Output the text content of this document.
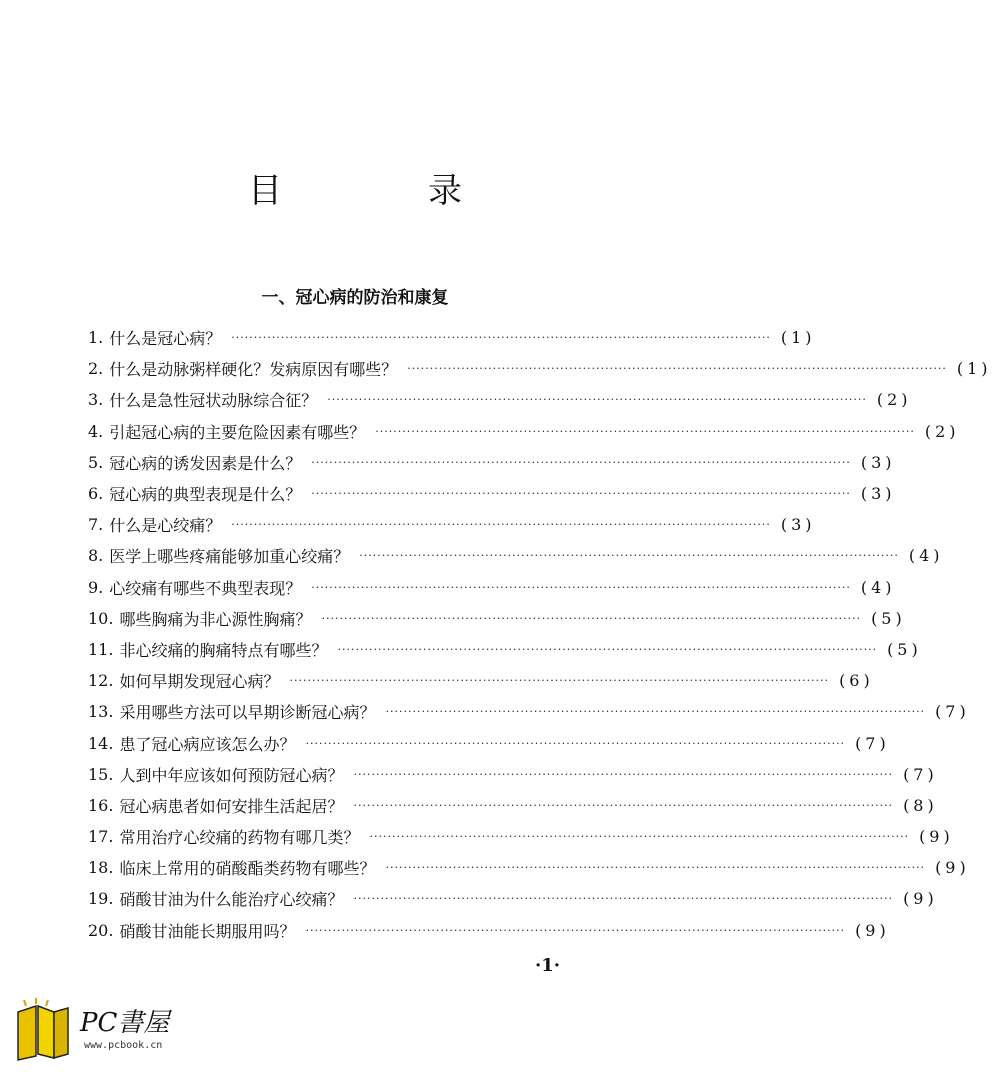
目　录
一、冠心病的防治和康复
1. 什么是冠心病？ ························································································································ (1)
2. 什么是动脉粥样硬化？发病原因有哪些？ ························································································································ (1)
3. 什么是急性冠状动脉综合征？ ························································································································ (2)
4. 引起冠心病的主要危险因素有哪些？ ························································································································ (2)
5. 冠心病的诱发因素是什么？ ························································································································ (3)
6. 冠心病的典型表现是什么？ ························································································································ (3)
7. 什么是心绞痛？ ························································································································ (3)
8. 医学上哪些疼痛能够加重心绞痛？ ························································································································ (4)
9. 心绞痛有哪些不典型表现？ ························································································································ (4)
10. 哪些胸痛为非心源性胸痛？ ························································································································ (5)
11. 非心绞痛的胸痛特点有哪些？ ························································································································ (5)
12. 如何早期发现冠心病？ ························································································································ (6)
13. 采用哪些方法可以早期诊断冠心病？ ························································································································ (7)
14. 患了冠心病应该怎么办？ ························································································································ (7)
15. 人到中年应该如何预防冠心病？ ························································································································ (7)
16. 冠心病患者如何安排生活起居？ ························································································································ (8)
17. 常用治疗心绞痛的药物有哪几类？ ························································································································ (9)
18. 临床上常用的硝酸酯类药物有哪些？ ························································································································ (9)
19. 硝酸甘油为什么能治疗心绞痛？ ························································································································ (9)
20. 硝酸甘油能长期服用吗？ ························································································································ (9)
·1·
PC書屋
www.pcbook.cn
